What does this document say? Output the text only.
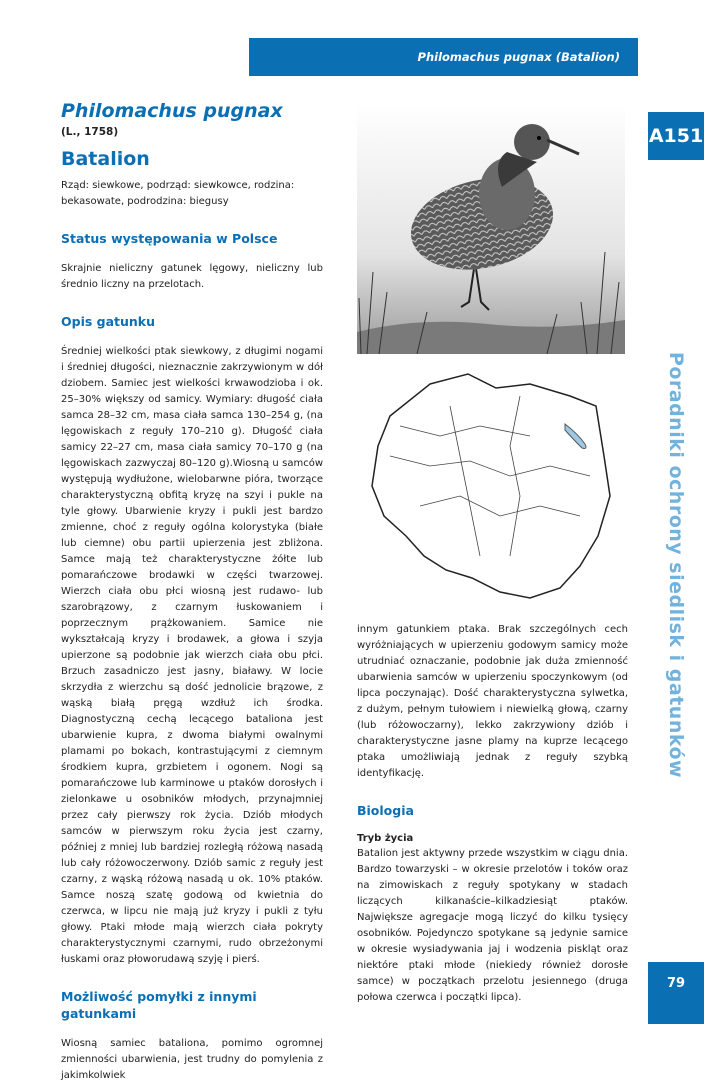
Philomachus pugnax (Batalion)
A151
Poradniki ochrony siedlisk i gatunków
79
Philomachus pugnax
(L., 1758)
Batalion
Rząd: siewkowe, podrząd: siewkowce, rodzina: bekasowate, podrodzina: biegusy
Status występowania w Polsce

Skrajnie nieliczny gatunek lęgowy, nieliczny lub średnio liczny na przelotach.

Opis gatunku

Średniej wielkości ptak siewkowy, z długimi nogami i średniej długości, nieznacznie zakrzywionym w dół dziobem. Samiec jest wielkości krwawodzioba i ok. 25–30% większy od samicy. Wymiary: długość ciała samca 28–32 cm, masa ciała samca 130–254 g, (na lęgowiskach z reguły 170–210 g). Długość ciała samicy 22–27 cm, masa ciała samicy 70–170 g (na lęgowiskach zazwyczaj 80–120 g).Wiosną u samców występują wydłużone, wielobarwne pióra, tworzące charakterystyczną obfitą kryzę na szyi i pukle na tyle głowy. Ubarwienie kryzy i pukli jest bardzo zmienne, choć z reguły ogólna kolorystyka (białe lub ciemne) obu partii upierzenia jest zbliżona. Samce mają też charakterystyczne żółte lub pomarańczowe brodawki w części twarzowej. Wierzch ciała obu płci wiosną jest rudawo- lub szarobrązowy, z czarnym łuskowaniem i poprzecznym prążkowaniem. Samice nie wykształcają kryzy i brodawek, a głowa i szyja upierzone są podobnie jak wierzch ciała obu płci. Brzuch zasadniczo jest jasny, białawy. W locie skrzydła z wierzchu są dość jednolicie brązowe, z wąską białą pręgą wzdłuż ich środka. Diagnostyczną cechą lecącego bataliona jest ubarwienie kupra, z dwoma białymi owalnymi plamami po bokach, kontrastującymi z ciemnym środkiem kupra, grzbietem i ogonem. Nogi są pomarańczowe lub karminowe u ptaków dorosłych i zielonkawe u osobników młodych, przynajmniej przez cały pierwszy rok życia. Dziób młodych samców w pierwszym roku życia jest czarny, później z mniej lub bardziej rozległą różową nasadą lub cały różowoczerwony. Dziób samic z reguły jest czarny, z wąską różową nasadą u ok. 10% ptaków. Samce noszą szatę godową od kwietnia do czerwca, w lipcu nie mają już kryzy i pukli z tyłu głowy. Ptaki młode mają wierzch ciała pokryty charakterystycznymi czarnymi, rudo obrzeżonymi łuskami oraz płoworudawą szyję i pierś.

Możliwość pomyłki z innymi gatunkami

Wiosną samiec bataliona, pomimo ogromnej zmienności ubarwienia, jest trudny do pomylenia z jakimkolwiek

innym gatunkiem ptaka. Brak szczególnych cech wyróżniających w upierzeniu godowym samicy może utrudniać oznaczanie, podobnie jak duża zmienność ubarwienia samców w upierzeniu spoczynkowym (od lipca poczynając). Dość charakterystyczna sylwetka, z dużym, pełnym tułowiem i niewielką głową, czarny (lub różowoczarny), lekko zakrzywiony dziób i charakterystyczne jasne plamy na kuprze lecącego ptaka umożliwiają jednak z reguły szybką identyfikację.

Biologia
Tryb życia

Batalion jest aktywny przede wszystkim w ciągu dnia. Bardzo towarzyski – w okresie przelotów i toków oraz na zimowiskach z reguły spotykany w stadach liczących kilkanaście–kilkadziesiąt ptaków. Największe agregacje mogą liczyć do kilku tysięcy osobników. Pojedynczo spotykane są jedynie samice w okresie wysiadywania jaj i wodzenia piskląt oraz niektóre ptaki młode (niekiedy również dorosłe samce) w początkach przelotu jesiennego (druga połowa czerwca i początki lipca).
